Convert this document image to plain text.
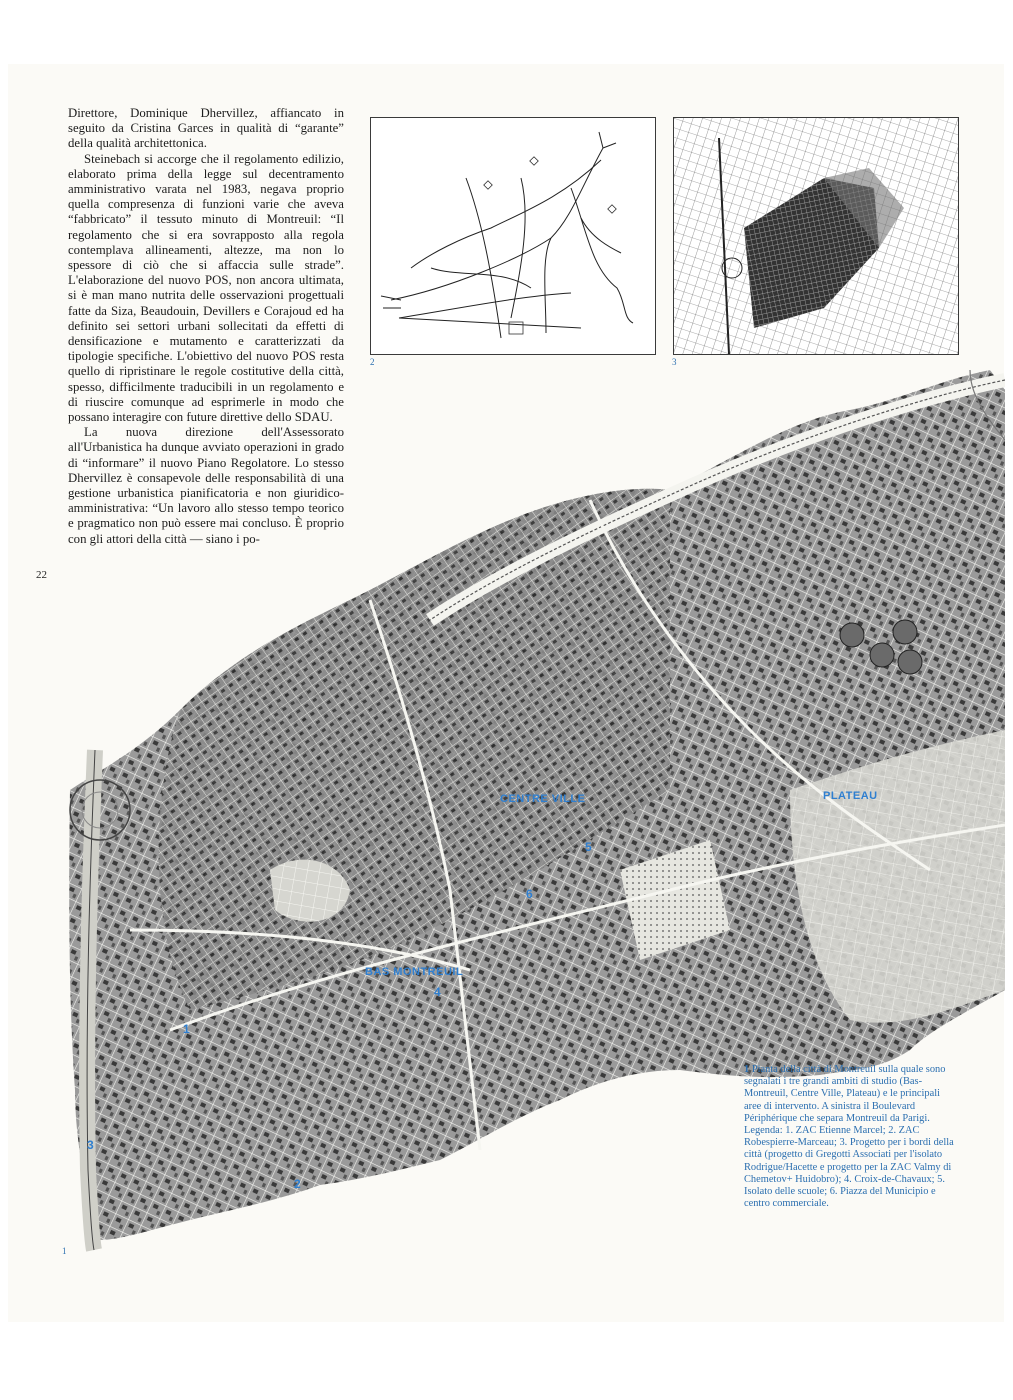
Direttore, Dominique Dhervillez, affiancato in seguito da Cristina Garces in qualità di “garante” della qualità architettonica.

Steinebach si accorge che il regolamento edilizio, elaborato prima della legge sul decentramento amministrativo varata nel 1983, negava proprio quella compresenza di funzioni varie che aveva “fabbricato” il tessuto minuto di Montreuil: “Il regolamento che si era sovrapposto alla regola contemplava allineamenti, altezze, ma non lo spessore di ciò che si affaccia sulle strade”. L'elaborazione del nuovo POS, non ancora ultimata, si è man mano nutrita delle osservazioni progettuali fatte da Siza, Beaudouin, Devillers e Corajoud ed ha definito sei settori urbani sollecitati da effetti di densificazione e mutamento e caratterizzati da tipologie specifiche. L'obiettivo del nuovo POS resta quello di ripristinare le regole costitutive della città, spesso, difficilmente traducibili in un regolamento e di riuscire comunque ad esprimerle in modo che possano interagire con future direttive dello SDAU.

La nuova direzione dell'Assessorato all'Urbanistica ha dunque avviato operazioni in grado di “informare” il nuovo Piano Regolatore. Lo stesso Dhervillez è consapevole delle responsabilità di una gestione urbanistica pianificatoria e non giuridico-amministrativa: “Un lavoro allo stesso tempo teorico e pragmatico non può essere mai concluso. È proprio con gli attori della città — siano i po-

22
2	3
CENTRE VILLE	PLATEAU
BAS MONTREUIL
1
2
3
4
5
6
1
1 Pianta della città di Montreuil sulla quale sono segnalati i tre grandi ambiti di studio (Bas-Montreuil, Centre Ville, Plateau) e le principali aree di intervento. A sinistra il Boulevard Périphérique che separa Montreuil da Parigi. Legenda: 1. ZAC Etienne Marcel; 2. ZAC Robespierre-Marceau; 3. Progetto per i bordi della città (progetto di Gregotti Associati per l'isolato Rodrigue/Hacette e progetto per la ZAC Valmy di Chemetov+ Huidobro); 4. Croix-de-Chavaux; 5. Isolato delle scuole; 6. Piazza del Municipio e centro commerciale.
